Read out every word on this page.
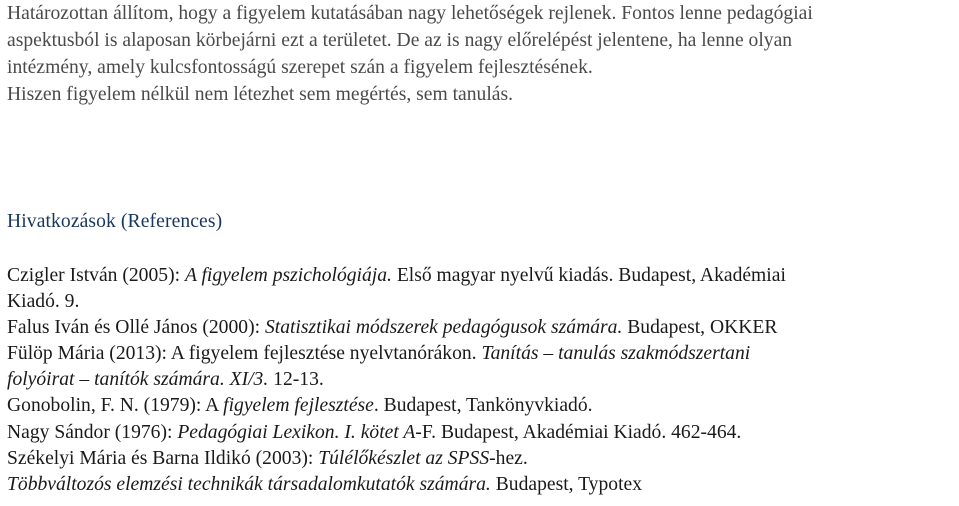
Határozottan állítom, hogy a figyelem kutatásában nagy lehetőségek rejlenek. Fontos lenne pedagógiai
aspektusból is alaposan körbejárni ezt a területet. De az is nagy előrelépést jelentene, ha lenne olyan
intézmény, amely kulcsfontosságú szerepet szán a figyelem fejlesztésének.
Hiszen figyelem nélkül nem létezhet sem megértés, sem tanulás.

Hivatkozások (References)
Czigler István (2005): A figyelem pszichológiája. Első magyar nyelvű kiadás. Budapest, Akadémiai
Kiadó. 9.
Falus Iván és Ollé János (2000): Statisztikai módszerek pedagógusok számára. Budapest, OKKER
Fülöp Mária (2013): A figyelem fejlesztése nyelvtanórákon. Tanítás – tanulás szakmódszertani
folyóirat – tanítók számára. XI/3. 12-13.
Gonobolin, F. N. (1979): A figyelem fejlesztése. Budapest, Tankönyvkiadó.
Nagy Sándor (1976): Pedagógiai Lexikon. I. kötet A-F. Budapest, Akadémiai Kiadó. 462-464.
Székelyi Mária és Barna Ildikó (2003): Túlélőkészlet az SPSS-hez.
Többváltozós elemzési technikák társadalomkutatók számára. Budapest, Typotex
